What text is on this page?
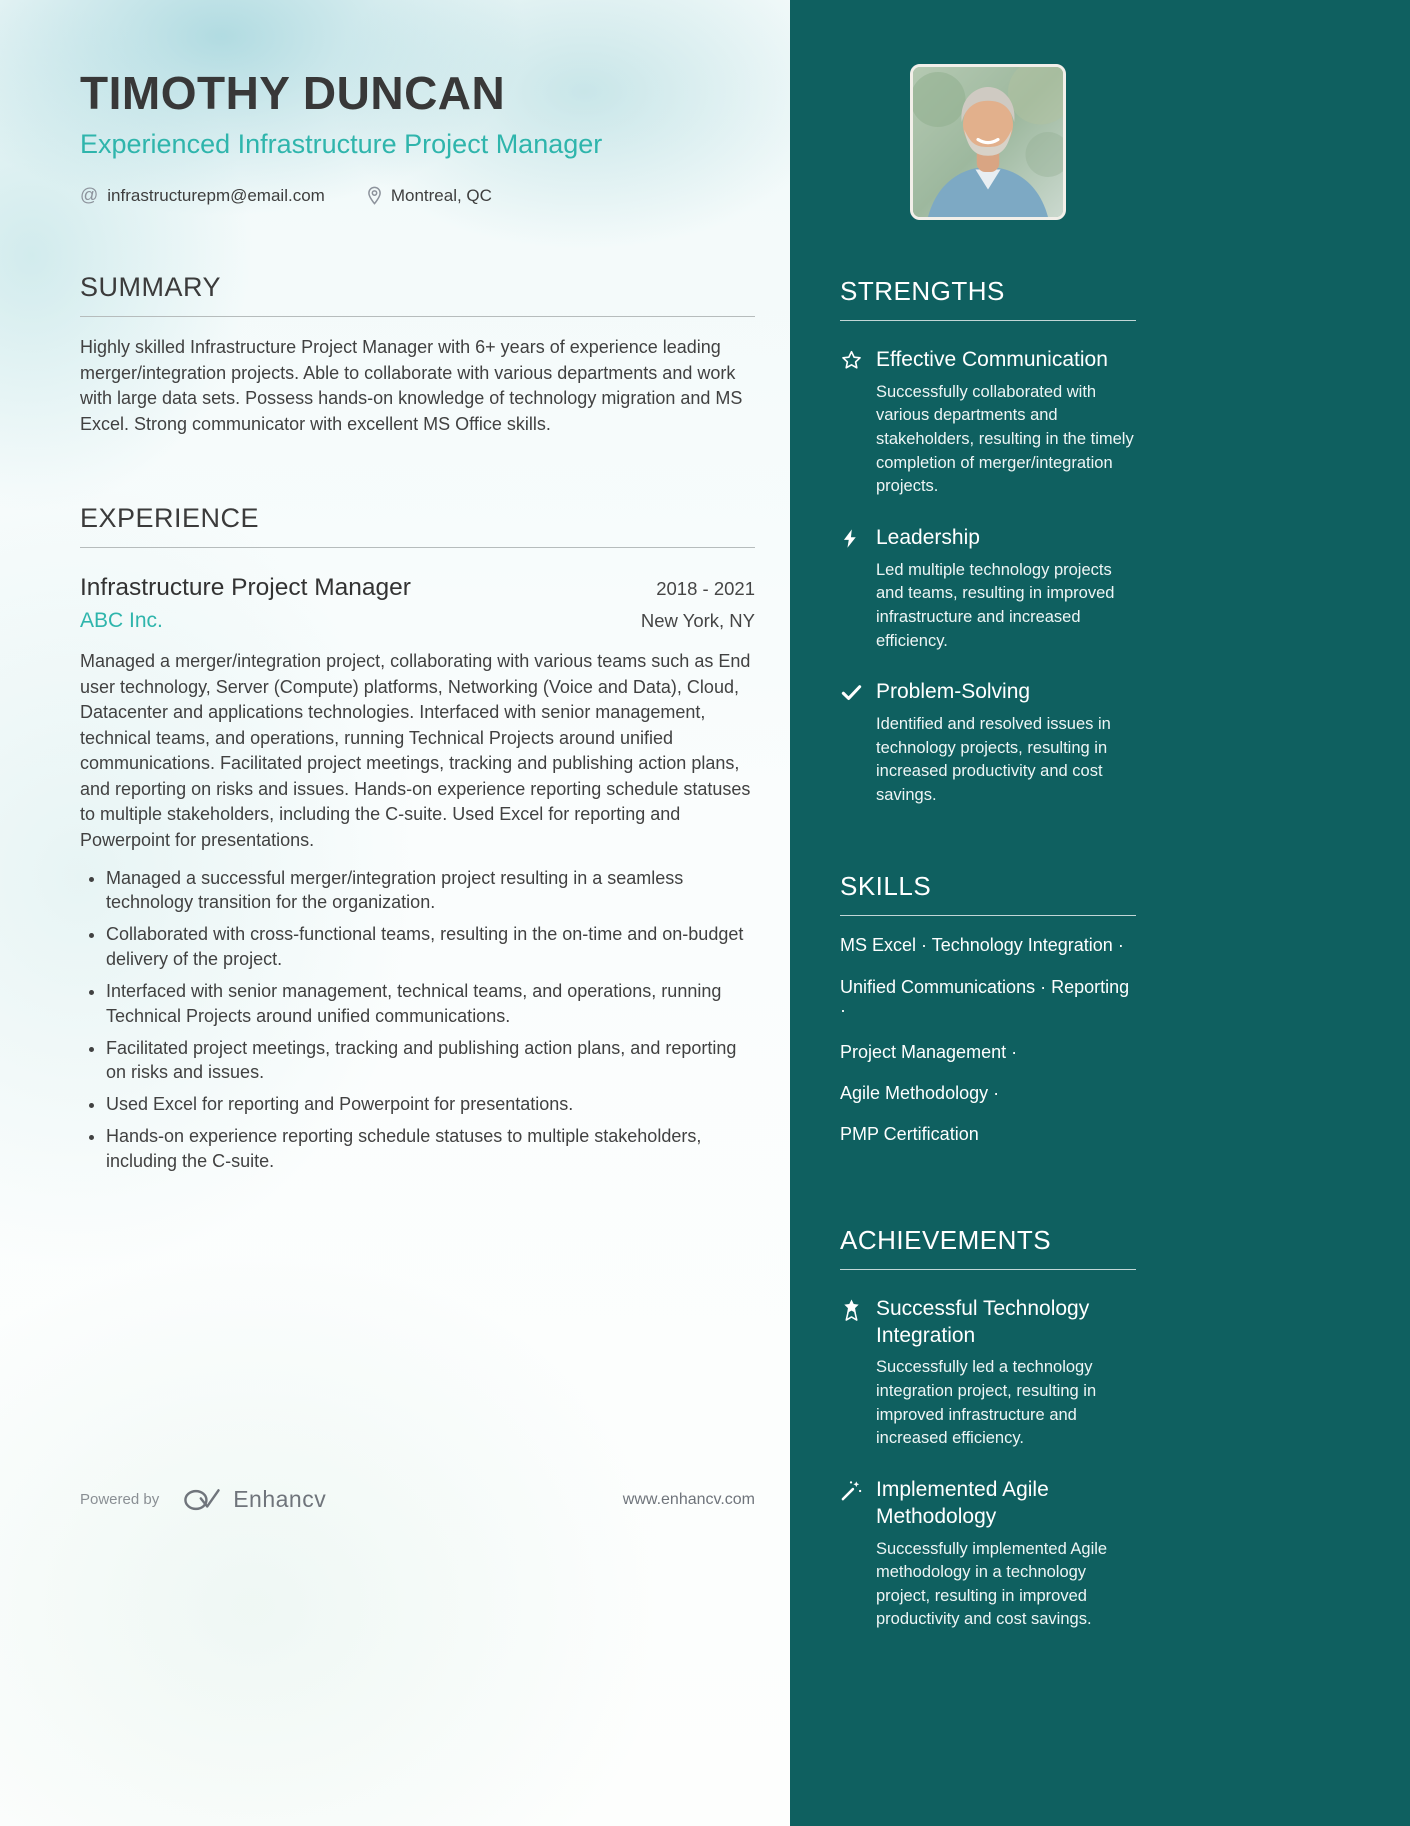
TIMOTHY DUNCAN
Experienced Infrastructure Project Manager
@ infrastructurepm@email.com	Montreal, QC
SUMMARY

Highly skilled Infrastructure Project Manager with 6+ years of experience leading merger/integration projects. Able to collaborate with various departments and work with large data sets. Possess hands-on knowledge of technology migration and MS Excel. Strong communicator with excellent MS Office skills.

EXPERIENCE
Infrastructure Project Manager	2018 - 2021
ABC Inc.	New York, NY

Managed a merger/integration project, collaborating with various teams such as End user technology, Server (Compute) platforms, Networking (Voice and Data), Cloud, Datacenter and applications technologies. Interfaced with senior management, technical teams, and operations, running Technical Projects around unified communications. Facilitated project meetings, tracking and publishing action plans, and reporting on risks and issues. Hands-on experience reporting schedule statuses to multiple stakeholders, including the C-suite. Used Excel for reporting and Powerpoint for presentations.

• Managed a successful merger/integration project resulting in a seamless technology transition for the organization.
• Collaborated with cross-functional teams, resulting in the on-time and on-budget delivery of the project.
• Interfaced with senior management, technical teams, and operations, running Technical Projects around unified communications.
• Facilitated project meetings, tracking and publishing action plans, and reporting on risks and issues.
• Used Excel for reporting and Powerpoint for presentations.
• Hands-on experience reporting schedule statuses to multiple stakeholders, including the C-suite.
Powered by	Enhancv	www.enhancv.com
STRENGTHS
Effective Communication

Successfully collaborated with various departments and stakeholders, resulting in the timely completion of merger/integration projects.

Leadership

Led multiple technology projects and teams, resulting in improved infrastructure and increased efficiency.

Problem-Solving

Identified and resolved issues in technology projects, resulting in increased productivity and cost savings.

SKILLS
MS Excel · Technology Integration ·
Unified Communications · Reporting ·
Project Management ·
Agile Methodology ·
PMP Certification
ACHIEVEMENTS
Successful Technology Integration

Successfully led a technology integration project, resulting in improved infrastructure and increased efficiency.

Implemented Agile Methodology

Successfully implemented Agile methodology in a technology project, resulting in improved productivity and cost savings.
